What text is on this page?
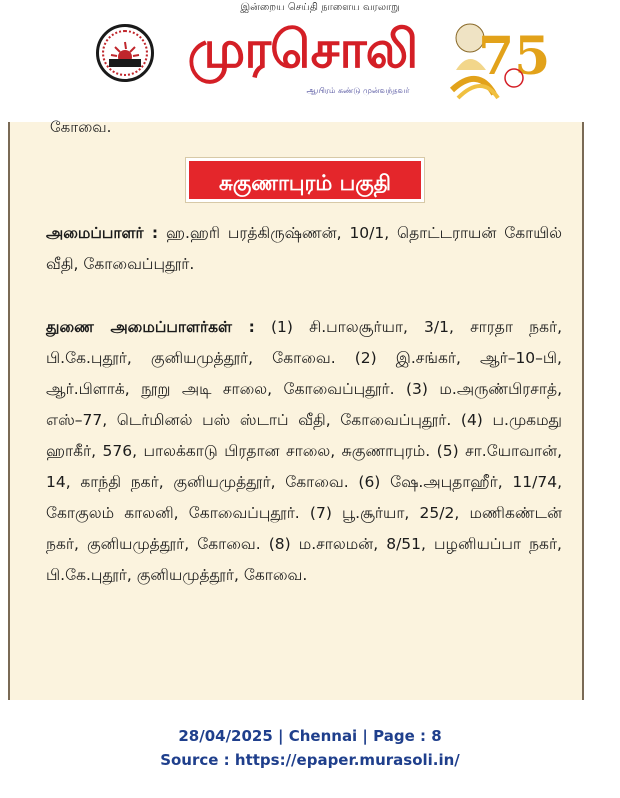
இன்றைய செய்தி நாளைய வரலாறு
முரசொலி
ஆயிரம் கண்டு முன்வந்தவர்
75
கோவை.
சுகுணாபுரம் பகுதி
அமைப்பாளர் : ஹ.ஹரி பரத்கிருஷ்ணன், 10/1, தொட்டராயன் கோயில் வீதி, கோவைப்புதூர்.
துணை அமைப்பாளர்கள் : (1) சி.பாலசூர்யா, 3/1, சாரதா நகர், பி.கே.புதூர், குனியமுத்தூர், கோவை. (2) இ.சங்கர், ஆர்–10–பி, ஆர்.பிளாக், நூறு அடி சாலை, கோவைப்புதூர். (3) ம.அருண்பிரசாத், எஸ்–77, டெர்மினல் பஸ் ஸ்டாப் வீதி, கோவைப்புதூர். (4) ப.முகமது ஹாகீர், 576, பாலக்காடு பிரதான சாலை, சுகுணாபுரம். (5) சா.யோவான், 14, காந்தி நகர், குனியமுத்தூர், கோவை. (6) ஷே.அபுதாஹீர், 11/74, கோகுலம் காலனி, கோவைப்புதூர். (7) பூ.சூர்யா, 25/2, மணிகண்டன் நகர், குனியமுத்தூர், கோவை. (8) ம.சாலமன், 8/51, பழனியப்பா நகர், பி.கே.புதூர், குனியமுத்தூர், கோவை.
28/04/2025 | Chennai | Page : 8
Source : https://epaper.murasoli.in/
